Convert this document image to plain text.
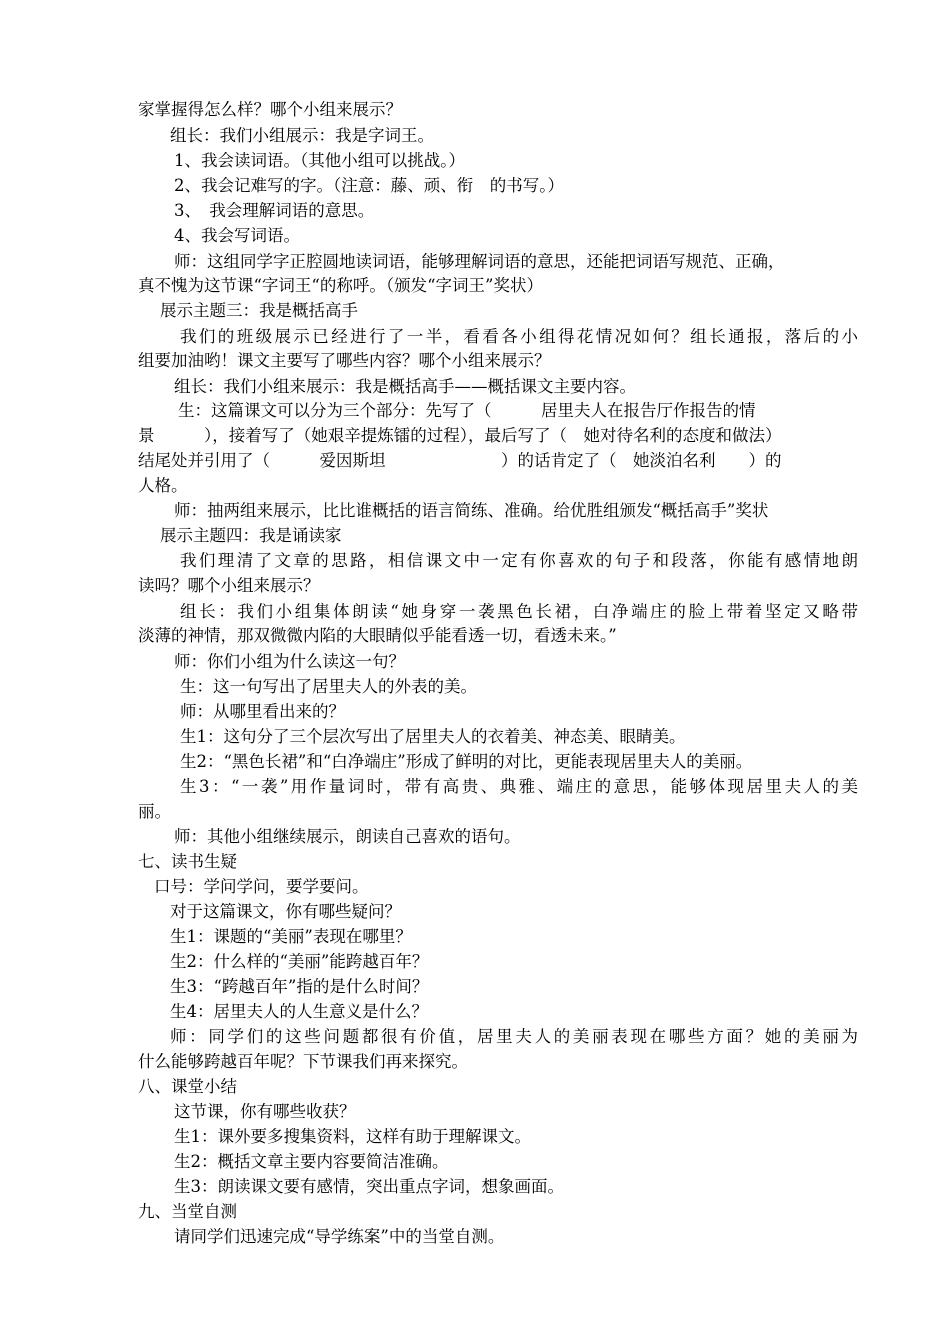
家掌握得怎么样？哪个小组来展示？

组长：我们小组展示：我是字词王。

1、我会读词语。（其他小组可以挑战。）

2、我会记难写的字。（注意：藤、顽、衔　的书写。）

3、　我会理解词语的意思。

4、我会写词语。

师：这组同学字正腔圆地读词语，能够理解词语的意思，还能把词语写规范、正确，

真不愧为这节课“字词王“的称呼。（颁发“字词王”奖状）

展示主题三：我是概括高手

我们的班级展示已经进行了一半，看看各小组得花情况如何？组长通报，落后的小

组要加油哟！课文主要写了哪些内容？哪个小组来展示？

组长：我们小组来展示：我是概括高手——概括课文主要内容。

生：这篇课文可以分为三个部分：先写了（　　　居里夫人在报告厅作报告的情

景　　　），接着写了（她艰辛提炼镭的过程），最后写了（　她对待名利的态度和做法）

结尾处并引用了（　　　爱因斯坦　　　　　　　）的话肯定了（　她淡泊名利　　）的

人格。

师：抽两组来展示，比比谁概括的语言简练、准确。给优胜组颁发“概括高手”奖状

展示主题四：我是诵读家

我们理清了文章的思路，相信课文中一定有你喜欢的句子和段落，你能有感情地朗

读吗？哪个小组来展示？

组长：我们小组集体朗读“她身穿一袭黑色长裙，白净端庄的脸上带着坚定又略带

淡薄的神情，那双微微内陷的大眼睛似乎能看透一切，看透未来。”

师：你们小组为什么读这一句？

生：这一句写出了居里夫人的外表的美。

师：从哪里看出来的？

生1：这句分了三个层次写出了居里夫人的衣着美、神态美、眼睛美。

生2：“黑色长裙”和“白净端庄”形成了鲜明的对比，更能表现居里夫人的美丽。

生3：“一袭”用作量词时，带有高贵、典雅、端庄的意思，能够体现居里夫人的美

丽。

师：其他小组继续展示，朗读自己喜欢的语句。

七、读书生疑

口号：学问学问，要学要问。

对于这篇课文，你有哪些疑问？

生1：课题的“美丽”表现在哪里？

生2：什么样的“美丽”能跨越百年？

生3：“跨越百年”指的是什么时间？

生4：居里夫人的人生意义是什么？

师：同学们的这些问题都很有价值，居里夫人的美丽表现在哪些方面？她的美丽为

什么能够跨越百年呢？下节课我们再来探究。

八、课堂小结

这节课，你有哪些收获？

生1：课外要多搜集资料，这样有助于理解课文。

生2：概括文章主要内容要简洁准确。

生3：朗读课文要有感情，突出重点字词，想象画面。

九、当堂自测

请同学们迅速完成“导学练案”中的当堂自测。
